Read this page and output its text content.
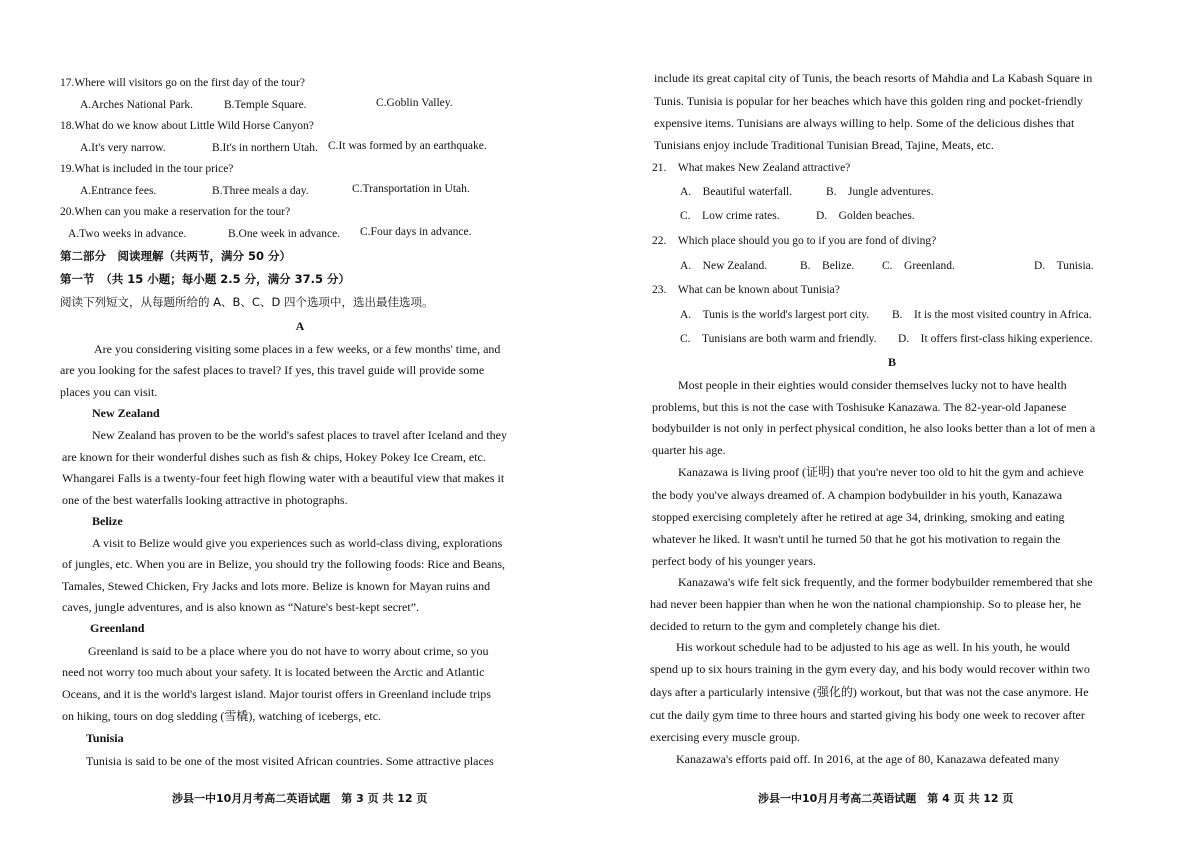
17.Where will visitors go on the first day of the tour?
A.Arches National Park.	B.Temple Square.	C.Goblin Valley.
18.What do we know about Little Wild Horse Canyon?
A.It's very narrow.	B.It's in northern Utah. C.It was formed by an earthquake.
19.What is included in the tour price?
A.Entrance fees.	B.Three meals a day.	C.Transportation in Utah.
20.When can you make a reservation for the tour?
A.Two weeks in advance.	B.One week in advance. C.Four days in advance.
第二部分　阅读理解（共两节，满分 50 分）
第一节　（共 15 小题；每小题 2.5 分，满分 37.5 分）
阅读下列短文，从每题所给的 A、B、C、D 四个选项中，选出最佳选项。
A
Are you considering visiting some places in a few weeks, or a few months' time, and
are you looking for the safest places to travel? If yes, this travel guide will provide some
places you can visit.
New Zealand
New Zealand has proven to be the world's safest places to travel after Iceland and they
are known for their wonderful dishes such as fish & chips, Hokey Pokey Ice Cream, etc.
Whangarei Falls is a twenty-four feet high flowing water with a beautiful view that makes it
one of the best waterfalls looking attractive in photographs.
Belize
A visit to Belize would give you experiences such as world-class diving, explorations
of jungles, etc. When you are in Belize, you should try the following foods: Rice and Beans,
Tamales, Stewed Chicken, Fry Jacks and lots more. Belize is known for Mayan ruins and
caves, jungle adventures, and is also known as “Nature's best-kept secret”.
Greenland
Greenland is said to be a place where you do not have to worry about crime, so you
need not worry too much about your safety. It is located between the Arctic and Atlantic
Oceans, and it is the world's largest island. Major tourist offers in Greenland include trips
on hiking, tours on dog sledding (雪橇), watching of icebergs, etc.
Tunisia
Tunisia is said to be one of the most visited African countries. Some attractive places
涉县一中10月月考高二英语试题　第 3 页 共 12 页
include its great capital city of Tunis, the beach resorts of Mahdia and La Kabash Square in
Tunis. Tunisia is popular for her beaches which have this golden ring and pocket-friendly
expensive items. Tunisians are always willing to help. Some of the delicious dishes that
Tunisians enjoy include Traditional Tunisian Bread, Tajine, Meats, etc.
21.　What makes New Zealand attractive?
A.　Beautiful waterfall.	B.　Jungle adventures.
C.　Low crime rates.	D.　Golden beaches.
22.　Which place should you go to if you are fond of diving?
A.　New Zealand.	B.　Belize. C.　Greenland.	D.　Tunisia.
23.　What can be known about Tunisia?
A.　Tunis is the world's largest port city. B.　It is the most visited country in Africa.
C.　Tunisians are both warm and friendly. D.　It offers first-class hiking experience.
B
Most people in their eighties would consider themselves lucky not to have health
problems, but this is not the case with Toshisuke Kanazawa. The 82-year-old Japanese
bodybuilder is not only in perfect physical condition, he also looks better than a lot of men a
quarter his age.
Kanazawa is living proof (证明) that you're never too old to hit the gym and achieve
the body you've always dreamed of. A champion bodybuilder in his youth, Kanazawa
stopped exercising completely after he retired at age 34, drinking, smoking and eating
whatever he liked. It wasn't until he turned 50 that he got his motivation to regain the
perfect body of his younger years.
Kanazawa's wife felt sick frequently, and the former bodybuilder remembered that she
had never been happier than when he won the national championship. So to please her, he
decided to return to the gym and completely change his diet.
His workout schedule had to be adjusted to his age as well. In his youth, he would
spend up to six hours training in the gym every day, and his body would recover within two
days after a particularly intensive (强化的) workout, but that was not the case anymore. He
cut the daily gym time to three hours and started giving his body one week to recover after
exercising every muscle group.
Kanazawa's efforts paid off. In 2016, at the age of 80, Kanazawa defeated many
涉县一中10月月考高二英语试题　第 4 页 共 12 页
